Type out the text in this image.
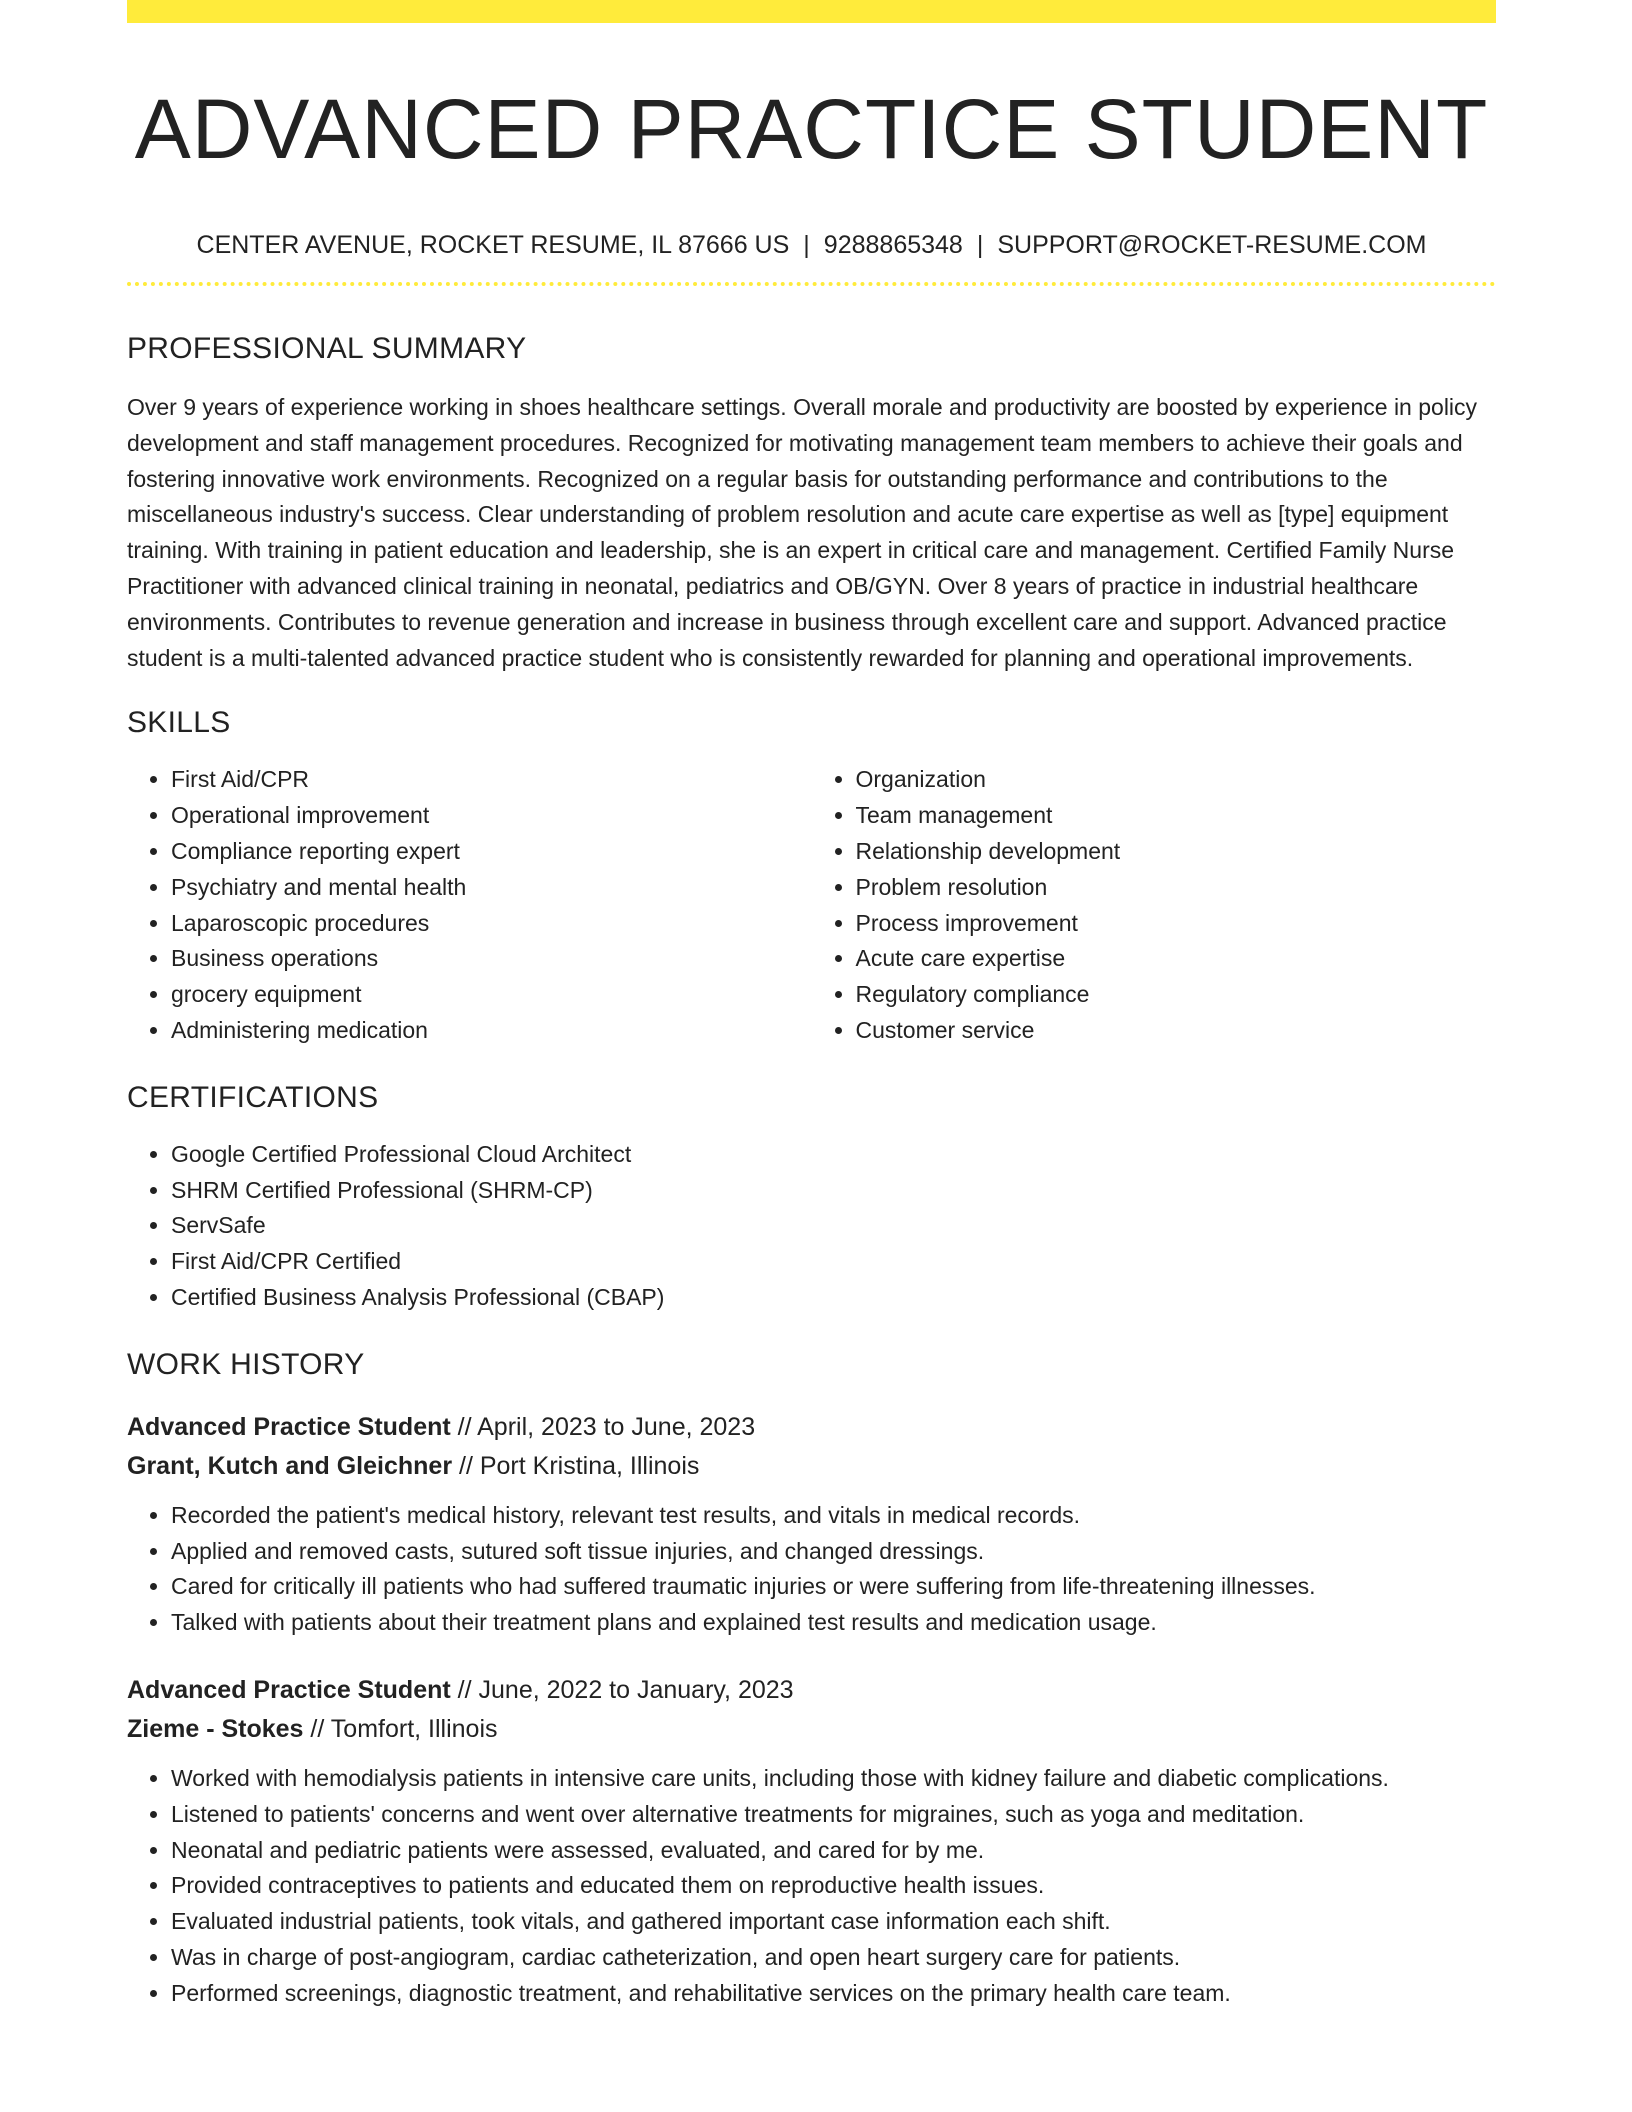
ADVANCED PRACTICE STUDENT
CENTER AVENUE, ROCKET RESUME, IL 87666 US | 9288865348 | SUPPORT@ROCKET-RESUME.COM
PROFESSIONAL SUMMARY

Over 9 years of experience working in shoes healthcare settings. Overall morale and productivity are boosted by experience in policy development and staff management procedures. Recognized for motivating management team members to achieve their goals and fostering innovative work environments. Recognized on a regular basis for outstanding performance and contributions to the miscellaneous industry's success. Clear understanding of problem resolution and acute care expertise as well as [type] equipment training. With training in patient education and leadership, she is an expert in critical care and management. Certified Family Nurse Practitioner with advanced clinical training in neonatal, pediatrics and OB/GYN. Over 8 years of practice in industrial healthcare environments. Contributes to revenue generation and increase in business through excellent care and support. Advanced practice student is a multi-talented advanced practice student who is consistently rewarded for planning and operational improvements.

SKILLS
• First Aid/CPR
• Operational improvement
• Compliance reporting expert
• Psychiatry and mental health
• Laparoscopic procedures
• Business operations
• grocery equipment
• Administering medication
• Organization
• Team management
• Relationship development
• Problem resolution
• Process improvement
• Acute care expertise
• Regulatory compliance
• Customer service
CERTIFICATIONS
• Google Certified Professional Cloud Architect
• SHRM Certified Professional (SHRM-CP)
• ServSafe
• First Aid/CPR Certified
• Certified Business Analysis Professional (CBAP)
WORK HISTORY
Advanced Practice Student // April, 2023 to June, 2023
Grant, Kutch and Gleichner // Port Kristina, Illinois
• Recorded the patient's medical history, relevant test results, and vitals in medical records.
• Applied and removed casts, sutured soft tissue injuries, and changed dressings.
• Cared for critically ill patients who had suffered traumatic injuries or were suffering from life-threatening illnesses.
• Talked with patients about their treatment plans and explained test results and medication usage.
Advanced Practice Student // June, 2022 to January, 2023
Zieme - Stokes // Tomfort, Illinois
• Worked with hemodialysis patients in intensive care units, including those with kidney failure and diabetic complications.
• Listened to patients' concerns and went over alternative treatments for migraines, such as yoga and meditation.
• Neonatal and pediatric patients were assessed, evaluated, and cared for by me.
• Provided contraceptives to patients and educated them on reproductive health issues.
• Evaluated industrial patients, took vitals, and gathered important case information each shift.
• Was in charge of post-angiogram, cardiac catheterization, and open heart surgery care for patients.
• Performed screenings, diagnostic treatment, and rehabilitative services on the primary health care team.
